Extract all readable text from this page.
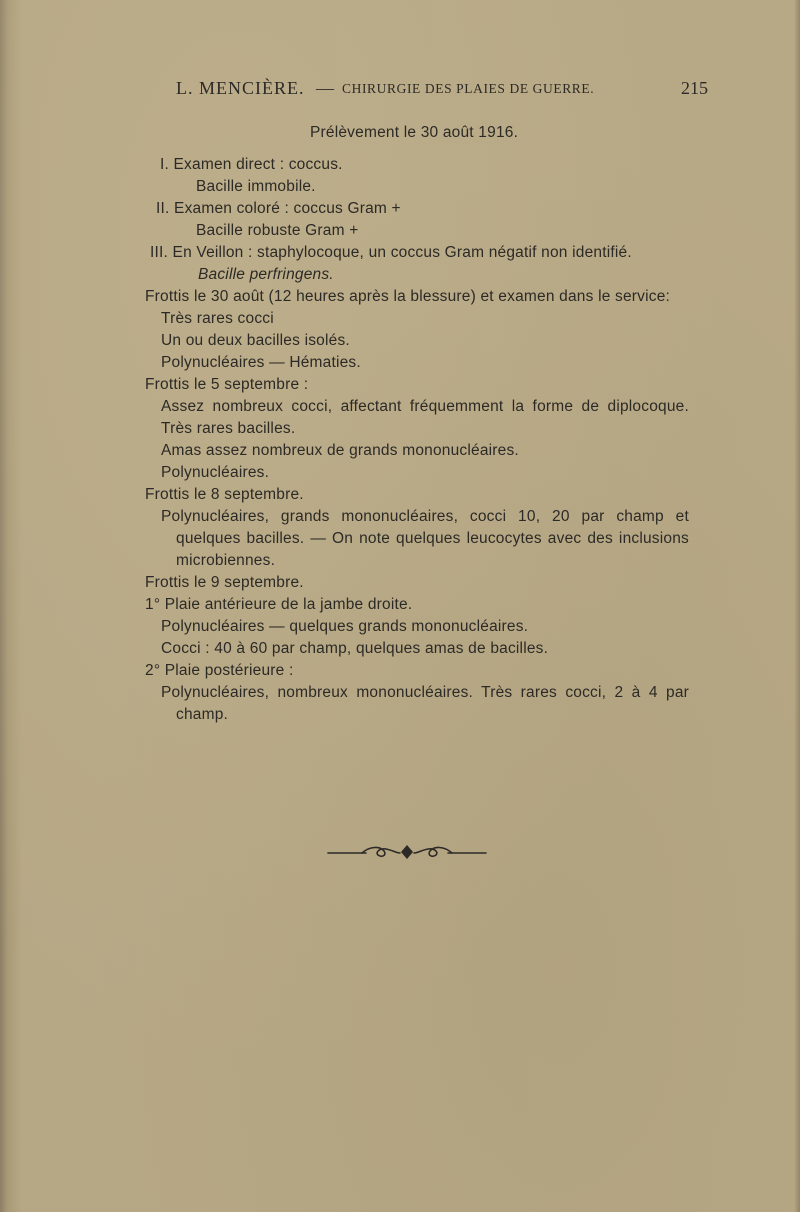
L. MENCIÈRE. — CHIRURGIE DES PLAIES DE GUERRE.	215
Prélèvement le 30 août 1916.
I. Examen direct : coccus.
Bacille immobile.
II. Examen coloré : coccus Gram +
Bacille robuste Gram +
III. En Veillon : staphylocoque, un coccus Gram négatif non identifié.
Bacille perfringens.
Frottis le 30 août (12 heures après la blessure) et examen dans le service:
Très rares cocci
Un ou deux bacilles isolés.
Polynucléaires — Hématies.
Frottis le 5 septembre :
Assez nombreux cocci, affectant fréquemment la forme de diplocoque.
Très rares bacilles.
Amas assez nombreux de grands mononucléaires.
Polynucléaires.
Frottis le 8 septembre.
Polynucléaires, grands mononucléaires, cocci 10, 20 par champ et
quelques bacilles. — On note quelques leucocytes avec des inclusions
microbiennes.
Frottis le 9 septembre.
1° Plaie antérieure de la jambe droite.
Polynucléaires — quelques grands mononucléaires.
Cocci : 40 à 60 par champ, quelques amas de bacilles.
2° Plaie postérieure :
Polynucléaires, nombreux mononucléaires. Très rares cocci, 2 à 4 par
champ.
